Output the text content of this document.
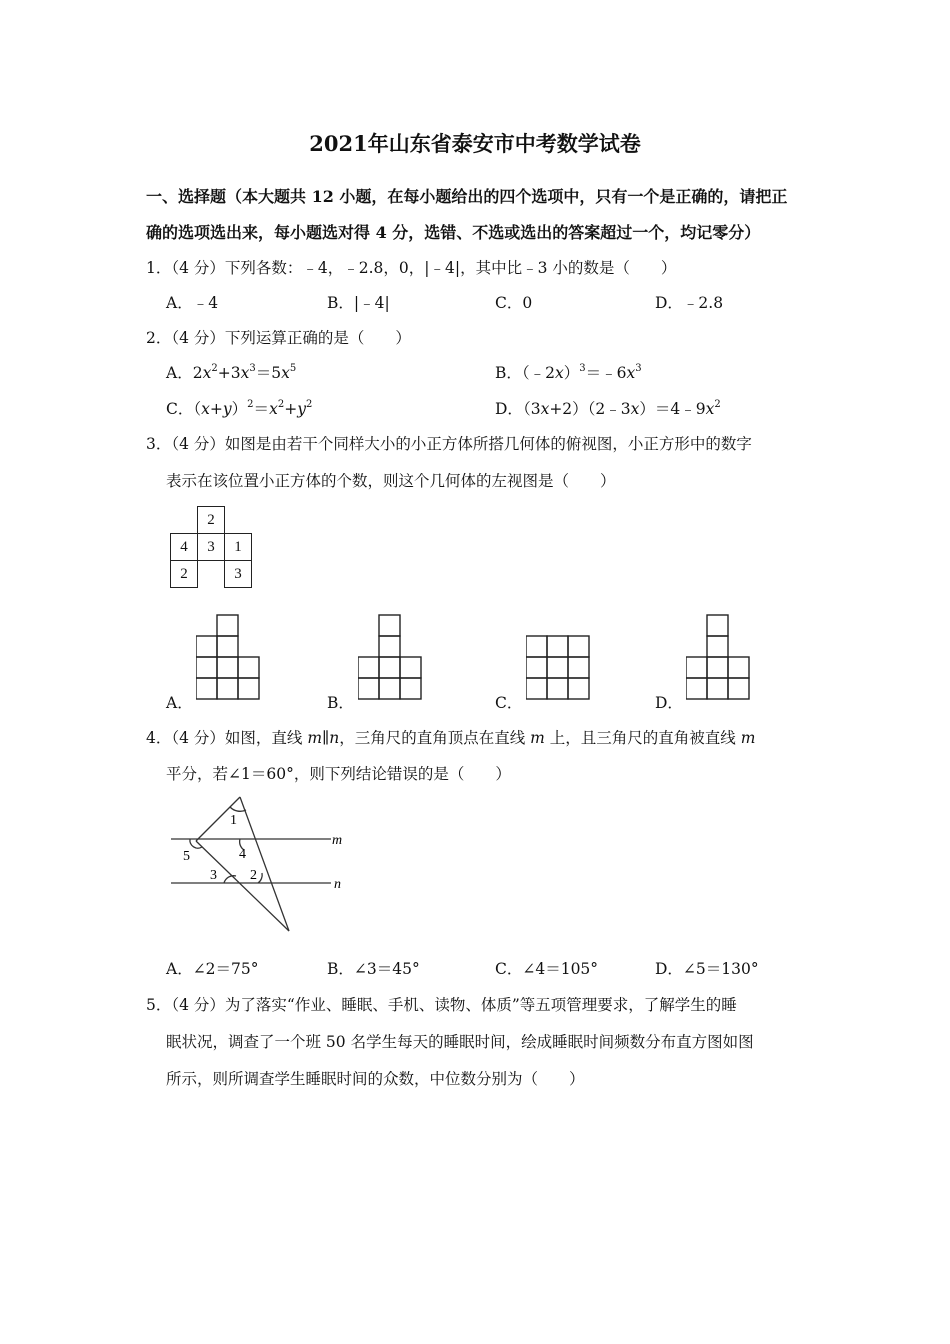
2021年山东省泰安市中考数学试卷
一、选择题（本大题共 12 小题，在每小题给出的四个选项中，只有一个是正确的，请把正
确的选项选出来，每小题选对得 4 分，选错、不选或选出的答案超过一个，均记零分）
1．（4 分）下列各数：﹣4，﹣2.8，0，|﹣4|，其中比﹣3 小的数是（　　）
A．﹣4	B．|﹣4|	C．0	D．﹣2.8
2．（4 分）下列运算正确的是（　　）
A．$2x^2+3x^3=5x^5$	B．$(﹣2x)^3=﹣6x^3$
C．$(x+y)^2=x^2+y^2$	D．$(3x+2)(2﹣3x)=4﹣9x^2$
3．（4 分）如图是由若干个同样大小的小正方体所搭几何体的俯视图，小正方形中的数字
表示在该位置小正方体的个数，则这个几何体的左视图是（　　）
	2	
4	3	1
2		3
A．	B．	C．	D．
4．（4 分）如图，直线 m∥n，三角尺的直角顶点在直线 m 上，且三角尺的直角被直线 m
平分，若∠1＝60°，则下列结论错误的是（　　）
1
5	4
3 2
m
n
A．∠2＝75°	B．∠3＝45°	C．∠4＝105°	D．∠5＝130°
5．（4 分）为了落实“作业、睡眠、手机、读物、体质”等五项管理要求，了解学生的睡
眠状况，调查了一个班 50 名学生每天的睡眠时间，绘成睡眠时间频数分布直方图如图
所示，则所调查学生睡眠时间的众数，中位数分别为（　　）
